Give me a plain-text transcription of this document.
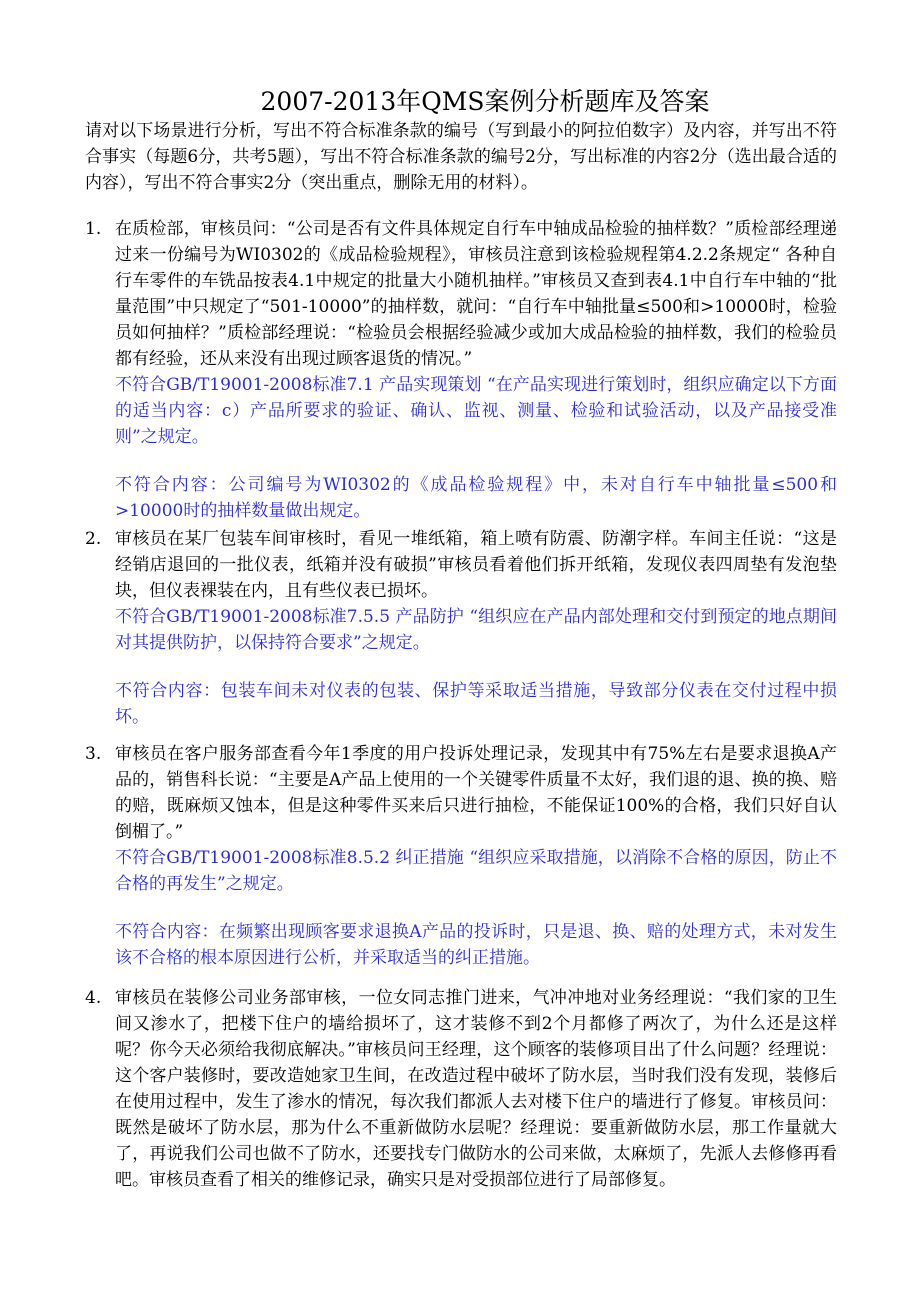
2007-2013年QMS案例分析题库及答案

请对以下场景进行分析，写出不符合标准条款的编号（写到最小的阿拉伯数字）及内容，并写出不符合事实（每题6分，共考5题），写出不符合标准条款的编号2分，写出标准的内容2分（选出最合适的内容），写出不符合事实2分（突出重点，删除无用的材料）。

1. 在质检部，审核员问：“公司是否有文件具体规定自行车中轴成品检验的抽样数？”质检部经理递过来一份编号为WI0302的《成品检验规程》，审核员注意到该检验规程第4.2.2条规定“ 各种自行车零件的车铣品按表4.1中规定的批量大小随机抽样。”审核员又查到表4.1中自行车中轴的“批量范围”中只规定了“501-10000”的抽样数，就问：“自行车中轴批量≤500和>10000时，检验员如何抽样？”质检部经理说：“检验员会根据经验减少或加大成品检验的抽样数，我们的检验员都有经验，还从来没有出现过顾客退货的情况。”

不符合GB/T19001-2008标准7.1 产品实现策划 “在产品实现进行策划时，组织应确定以下方面的适当内容：c）产品所要求的验证、确认、监视、测量、检验和试验活动，以及产品接受准则”之规定。

不符合内容：公司编号为WI0302的《成品检验规程》中，未对自行车中轴批量≤500和>10000时的抽样数量做出规定。

2. 审核员在某厂包装车间审核时，看见一堆纸箱，箱上喷有防震、防潮字样。车间主任说：“这是经销店退回的一批仪表，纸箱并没有破损”审核员看着他们拆开纸箱，发现仪表四周垫有发泡垫块，但仪表裸装在内，且有些仪表已损坏。

不符合GB/T19001-2008标准7.5.5 产品防护 “组织应在产品内部处理和交付到预定的地点期间对其提供防护，以保持符合要求”之规定。

不符合内容：包装车间未对仪表的包装、保护等采取适当措施，导致部分仪表在交付过程中损坏。

3. 审核员在客户服务部查看今年1季度的用户投诉处理记录，发现其中有75%左右是要求退换A产品的，销售科长说：“主要是A产品上使用的一个关键零件质量不太好，我们退的退、换的换、赔的赔，既麻烦又蚀本，但是这种零件买来后只进行抽检，不能保证100%的合格，我们只好自认倒楣了。”

不符合GB/T19001-2008标准8.5.2 纠正措施 “组织应采取措施，以消除不合格的原因，防止不合格的再发生”之规定。

不符合内容：在频繁出现顾客要求退换A产品的投诉时，只是退、换、赔的处理方式，未对发生该不合格的根本原因进行公析，并采取适当的纠正措施。

4. 审核员在装修公司业务部审核，一位女同志推门进来，气冲冲地对业务经理说：“我们家的卫生间又渗水了，把楼下住户的墙给损坏了，这才装修不到2个月都修了两次了，为什么还是这样呢？你今天必须给我彻底解决。”审核员问王经理，这个顾客的装修项目出了什么问题？经理说：这个客户装修时，要改造她家卫生间，在改造过程中破坏了防水层，当时我们没有发现，装修后在使用过程中，发生了渗水的情况，每次我们都派人去对楼下住户的墙进行了修复。审核员问：既然是破坏了防水层，那为什么不重新做防水层呢？经理说：要重新做防水层，那工作量就大了，再说我们公司也做不了防水，还要找专门做防水的公司来做，太麻烦了，先派人去修修再看吧。审核员查看了相关的维修记录，确实只是对受损部位进行了局部修复。
